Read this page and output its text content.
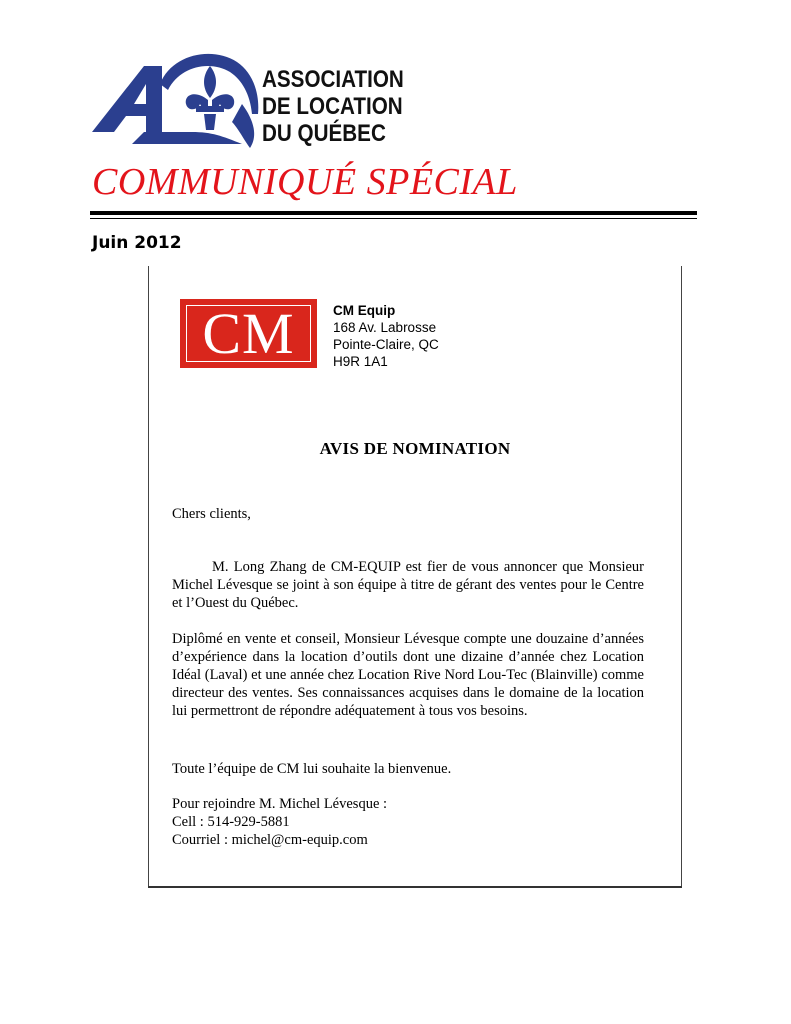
ASSOCIATION
DE LOCATION
DU QUÉBEC
COMMUNIQUÉ SPÉCIAL
Juin 2012
CM	CM Equip
168 Av. Labrosse
Pointe-Claire, QC
H9R 1A1
AVIS DE NOMINATION

Chers clients,

M. Long Zhang de CM-EQUIP est fier de vous annoncer que Monsieur Michel Lévesque se joint à son équipe à titre de gérant des ventes pour le Centre et l’Ouest du Québec.

Diplômé en vente et conseil, Monsieur Lévesque compte une douzaine d’années d’expérience dans la location d’outils dont une dizaine d’année chez Location Idéal (Laval) et une année chez Location Rive Nord Lou-Tec (Blainville) comme directeur des ventes. Ses connaissances acquises dans le domaine de la location lui permettront de répondre adéquatement à tous vos besoins.

Toute l’équipe de CM lui souhaite la bienvenue.

Pour rejoindre M. Michel Lévesque :

Cell : 514-929-5881

Courriel : michel@cm-equip.com
